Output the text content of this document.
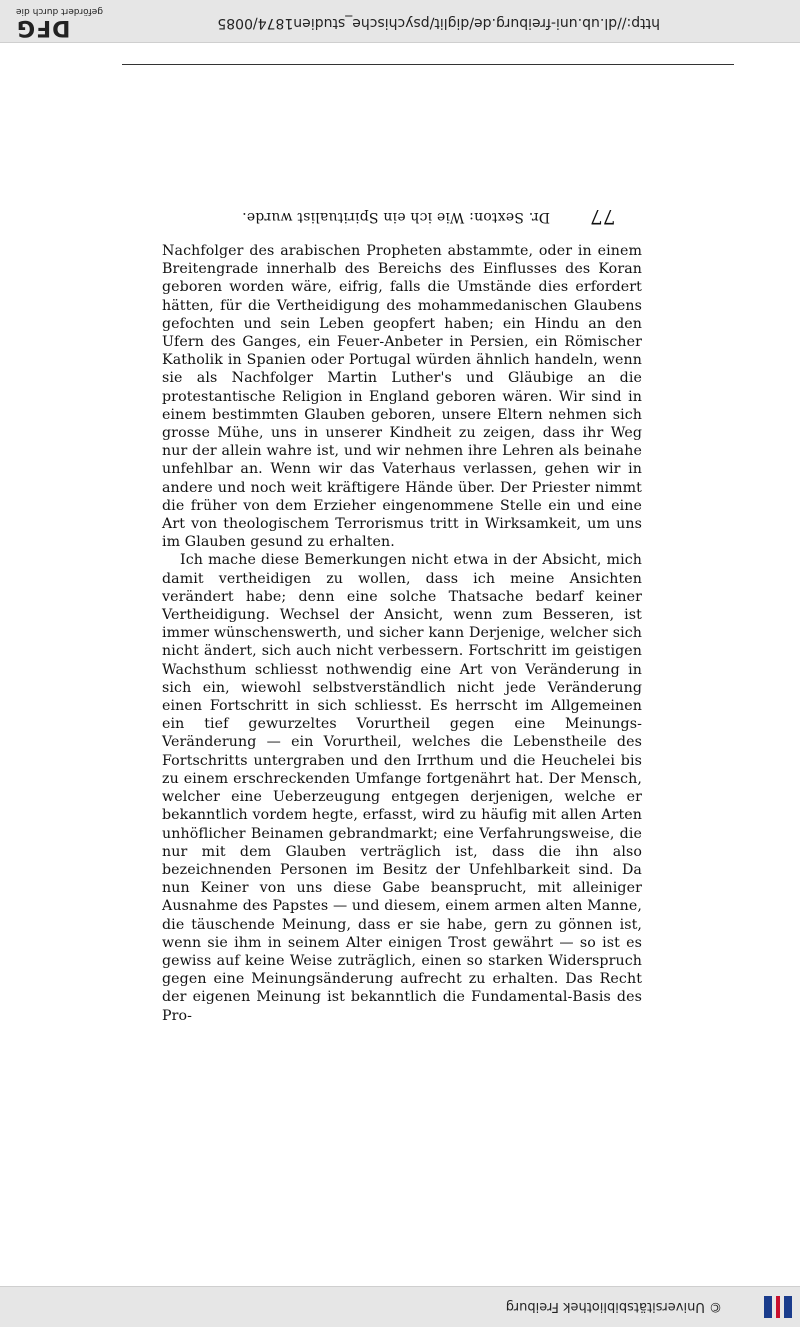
© Universitätsbibliothek Freiburg
77
Dr. Sexton: Wie ich ein Spiritualist wurde.

Nachfolger des arabischen Propheten abstammte, oder in einem Breitengrade innerhalb des Bereichs des Einflusses des Koran geboren worden wäre, eifrig, falls die Umstände dies erfordert hätten, für die Vertheidigung des mohammedanischen Glaubens gefochten und sein Leben geopfert haben; ein Hindu an den Ufern des Ganges, ein Feuer-Anbeter in Persien, ein Römischer Katholik in Spanien oder Portugal würden ähnlich handeln, wenn sie als Nachfolger Martin Luther's und Gläubige an die protestantische Religion in England geboren wären. Wir sind in einem bestimmten Glauben geboren, unsere Eltern nehmen sich grosse Mühe, uns in unserer Kindheit zu zeigen, dass ihr Weg nur der allein wahre ist, und wir nehmen ihre Lehren als beinahe unfehlbar an. Wenn wir das Vaterhaus verlassen, gehen wir in andere und noch weit kräftigere Hände über. Der Priester nimmt die früher von dem Erzieher eingenommene Stelle ein und eine Art von theologischem Terrorismus tritt in Wirksamkeit, um uns im Glauben gesund zu erhalten.

Ich mache diese Bemerkungen nicht etwa in der Absicht, mich damit vertheidigen zu wollen, dass ich meine Ansichten verändert habe; denn eine solche Thatsache bedarf keiner Vertheidigung. Wechsel der Ansicht, wenn zum Besseren, ist immer wünschenswerth, und sicher kann Derjenige, welcher sich nicht ändert, sich auch nicht verbessern. Fortschritt im geistigen Wachsthum schliesst nothwendig eine Art von Veränderung in sich ein, wiewohl selbstverständlich nicht jede Veränderung einen Fortschritt in sich schliesst. Es herrscht im Allgemeinen ein tief gewurzeltes Vorurtheil gegen eine Meinungs-Veränderung — ein Vorurtheil, welches die Lebenstheile des Fortschritts untergraben und den Irrthum und die Heuchelei bis zu einem erschreckenden Umfange fortgenährt hat. Der Mensch, welcher eine Ueberzeugung entgegen derjenigen, welche er bekanntlich vordem hegte, erfasst, wird zu häufig mit allen Arten unhöflicher Beinamen gebrandmarkt; eine Verfahrungsweise, die nur mit dem Glauben verträglich ist, dass die ihn also bezeichnenden Personen im Besitz der Unfehlbarkeit sind. Da nun Keiner von uns diese Gabe beansprucht, mit alleiniger Ausnahme des Papstes — und diesem, einem armen alten Manne, die täuschende Meinung, dass er sie habe, gern zu gönnen ist, wenn sie ihm in seinem Alter einigen Trost gewährt — so ist es gewiss auf keine Weise zuträglich, einen so starken Widerspruch gegen eine Meinungsänderung aufrecht zu erhalten. Das Recht der eigenen Meinung ist bekanntlich die Fundamental-Basis des Pro-

http://dl.ub.uni-freiburg.de/diglit/psychische_studien1874/0085
DFG
gefördert durch die
